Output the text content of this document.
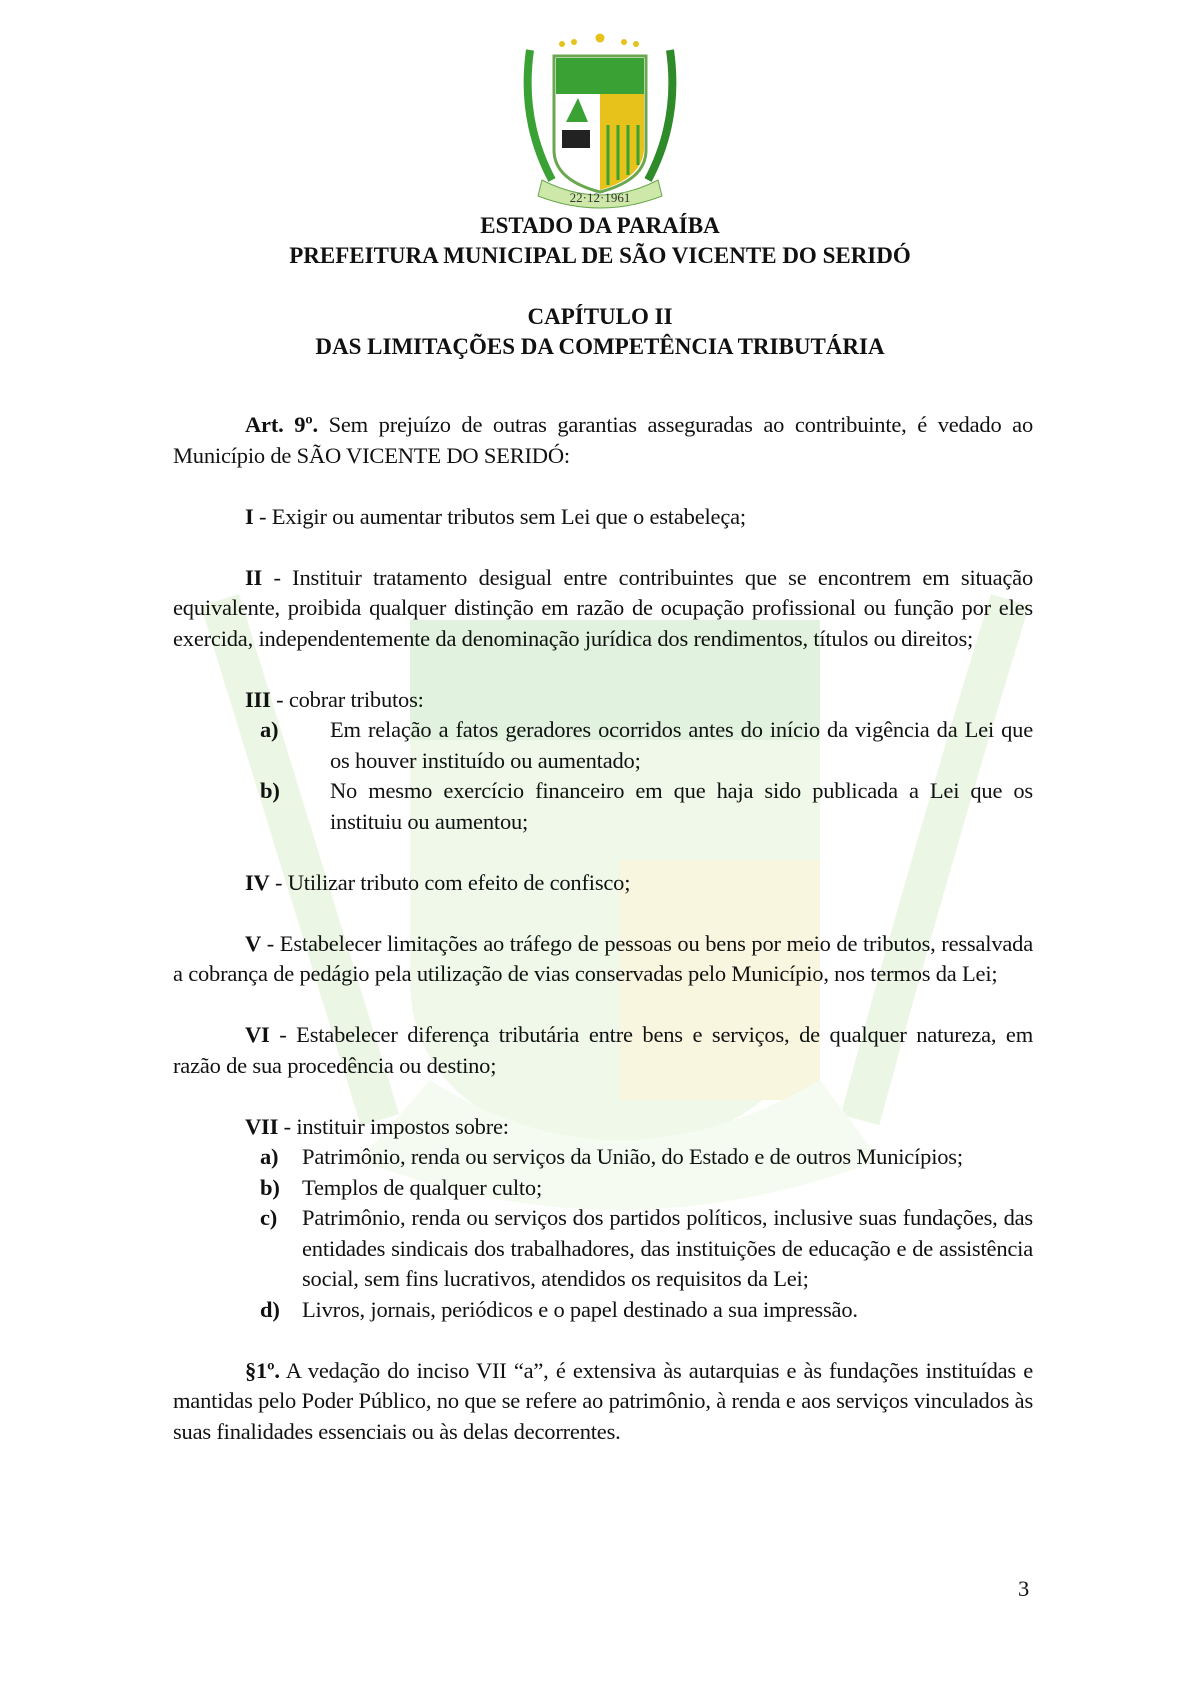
22·12·1961
ESTADO DA PARAÍBA
PREFEITURA MUNICIPAL DE SÃO VICENTE DO SERIDÓ
CAPÍTULO II
DAS LIMITAÇÕES DA COMPETÊNCIA TRIBUTÁRIA

Art. 9º. Sem prejuízo de outras garantias asseguradas ao contribuinte, é vedado ao Município de SÃO VICENTE DO SERIDÓ:

I - Exigir ou aumentar tributos sem Lei que o estabeleça;

II - Instituir tratamento desigual entre contribuintes que se encontrem em situação equivalente, proibida qualquer distinção em razão de ocupação profissional ou função por eles exercida, independentemente da denominação jurídica dos rendimentos, títulos ou direitos;

III - cobrar tributos:
a)	Em relação a fatos geradores ocorridos antes do início da vigência da Lei que os houver instituído ou aumentado;
b)	No mesmo exercício financeiro em que haja sido publicada a Lei que os instituiu ou aumentou;

IV - Utilizar tributo com efeito de confisco;

V - Estabelecer limitações ao tráfego de pessoas ou bens por meio de tributos, ressalvada a cobrança de pedágio pela utilização de vias conservadas pelo Município, nos termos da Lei;

VI - Estabelecer diferença tributária entre bens e serviços, de qualquer natureza, em razão de sua procedência ou destino;

VII - instituir impostos sobre:
a)	Patrimônio, renda ou serviços da União, do Estado e de outros Municípios;
b) Templos de qualquer culto;
c)	Patrimônio, renda ou serviços dos partidos políticos, inclusive suas fundações, das entidades sindicais dos trabalhadores, das instituições de educação e de assistência social, sem fins lucrativos, atendidos os requisitos da Lei;
d) Livros, jornais, periódicos e o papel destinado a sua impressão.

§1º. A vedação do inciso VII “a”, é extensiva às autarquias e às fundações instituídas e mantidas pelo Poder Público, no que se refere ao patrimônio, à renda e aos serviços vinculados às suas finalidades essenciais ou às delas decorrentes.

3
